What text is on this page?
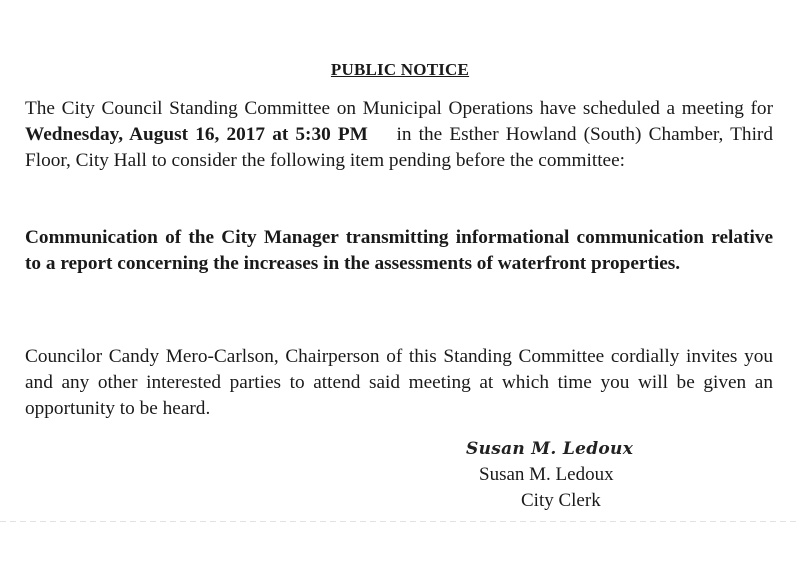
PUBLIC NOTICE
The City Council Standing Committee on Municipal Operations have scheduled a meeting for Wednesday, August 16, 2017 at 5:30 PM    in the Esther Howland (South) Chamber, Third Floor, City Hall to consider the following item pending before the committee:
Communication of the City Manager transmitting informational communication relative to a report concerning the increases in the assessments of waterfront properties.
Councilor Candy Mero-Carlson, Chairperson of this Standing Committee cordially invites you and any other interested parties to attend said meeting at which time you will be given an opportunity to be heard.
Susan M. Ledoux
Susan M. Ledoux
City Clerk
